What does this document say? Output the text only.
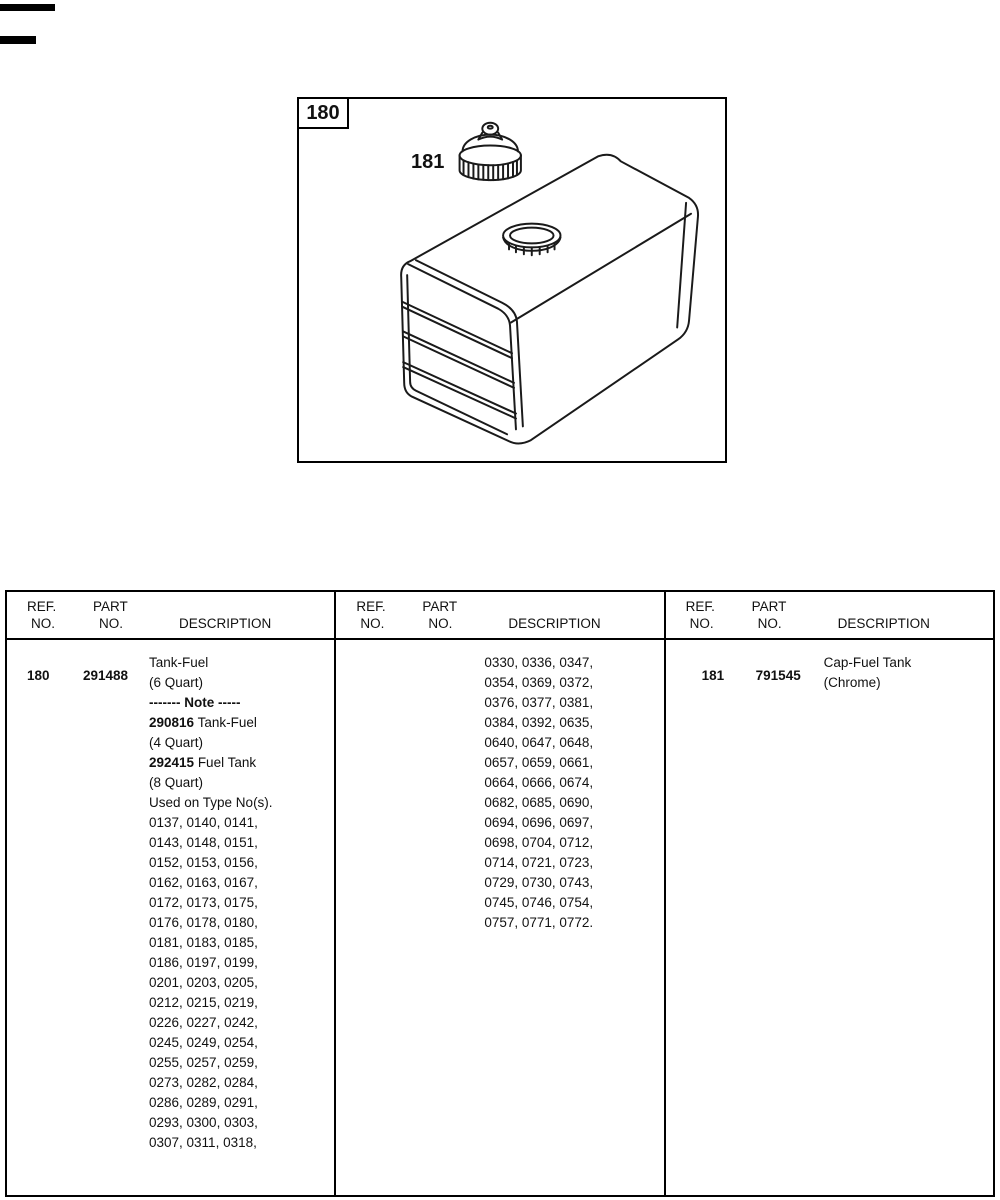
180
181
REF.
NO.
PART
NO.	DESCRIPTION
180 291488
Tank-Fuel
(6 Quart)
------- Note -----
290816 Tank-Fuel
(4 Quart)
292415 Fuel Tank
(8 Quart)
Used on Type No(s).
0137, 0140, 0141,
0143, 0148, 0151,
0152, 0153, 0156,
0162, 0163, 0167,
0172, 0173, 0175,
0176, 0178, 0180,
0181, 0183, 0185,
0186, 0197, 0199,
0201, 0203, 0205,
0212, 0215, 0219,
0226, 0227, 0242,
0245, 0249, 0254,
0255, 0257, 0259,
0273, 0282, 0284,
0286, 0289, 0291,
0293, 0300, 0303,
0307, 0311, 0318,
REF.
NO.
PART
NO.	DESCRIPTION
0330, 0336, 0347,
0354, 0369, 0372,
0376, 0377, 0381,
0384, 0392, 0635,
0640, 0647, 0648,
0657, 0659, 0661,
0664, 0666, 0674,
0682, 0685, 0690,
0694, 0696, 0697,
0698, 0704, 0712,
0714, 0721, 0723,
0729, 0730, 0743,
0745, 0746, 0754,
0757, 0771, 0772.
REF.
NO.
PART
NO.	DESCRIPTION
181 791545
Cap-Fuel Tank
(Chrome)
